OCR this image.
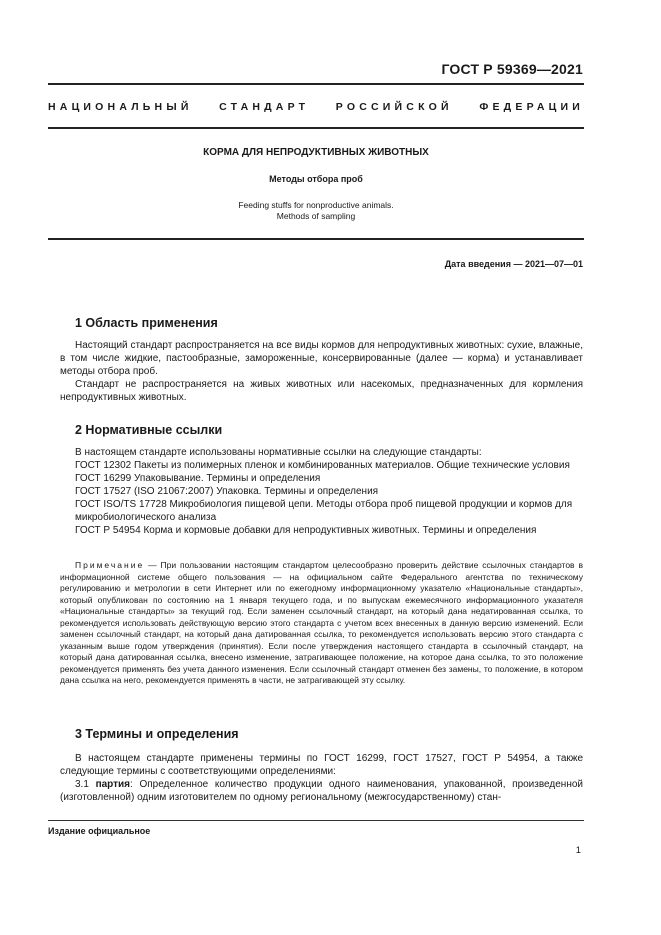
ГОСТ Р 59369—2021
НАЦИОНАЛЬНЫЙ СТАНДАРТ РОССИЙСКОЙ ФЕДЕРАЦИИ
КОРМА ДЛЯ НЕПРОДУКТИВНЫХ ЖИВОТНЫХ
Методы отбора проб
Feeding stuffs for nonproductive animals.
Methods of sampling
Дата введения — 2021—07—01
1 Область применения

Настоящий стандарт распространяется на все виды кормов для непродуктивных животных: сухие, влажные, в том числе жидкие, пастообразные, замороженные, консервированные (далее — корма) и устанавливает методы отбора проб.

Стандарт не распространяется на живых животных или насекомых, предназначенных для кормления непродуктивных животных.

2 Нормативные ссылки

В настоящем стандарте использованы нормативные ссылки на следующие стандарты:

ГОСТ 12302 Пакеты из полимерных пленок и комбинированных материалов. Общие технические условия

ГОСТ 16299 Упаковывание. Термины и определения

ГОСТ 17527 (ISO 21067:2007) Упаковка. Термины и определения

ГОСТ ISO/TS 17728 Микробиология пищевой цепи. Методы отбора проб пищевой продукции и кормов для микробиологического анализа

ГОСТ Р 54954 Корма и кормовые добавки для непродуктивных животных. Термины и определения

Примечание — При пользовании настоящим стандартом целесообразно проверить действие ссылочных стандартов в информационной системе общего пользования — на официальном сайте Федерального агентства по техническому регулированию и метрологии в сети Интернет или по ежегодному информационному указателю «Национальные стандарты», который опубликован по состоянию на 1 января текущего года, и по выпускам ежемесячного информационного указателя «Национальные стандарты» за текущий год. Если заменен ссылочный стандарт, на который дана недатированная ссылка, то рекомендуется использовать действующую версию этого стандарта с учетом всех внесенных в данную версию изменений. Если заменен ссылочный стандарт, на который дана датированная ссылка, то рекомендуется использовать версию этого стандарта с указанным выше годом утверждения (принятия). Если после утверждения настоящего стандарта в ссылочный стандарт, на который дана датированная ссылка, внесено изменение, затрагивающее положение, на которое дана ссылка, то это положение рекомендуется применять без учета данного изменения. Если ссылочный стандарт отменен без замены, то положение, в котором дана ссылка на него, рекомендуется применять в части, не затрагивающей эту ссылку.
3 Термины и определения

В настоящем стандарте применены термины по ГОСТ 16299, ГОСТ 17527, ГОСТ Р 54954, а также следующие термины с соответствующими определениями:

3.1 партия: Определенное количество продукции одного наименования, упакованной, произведенной (изготовленной) одним изготовителем по одному региональному (межгосударственному) стан-

Издание официальное
1
